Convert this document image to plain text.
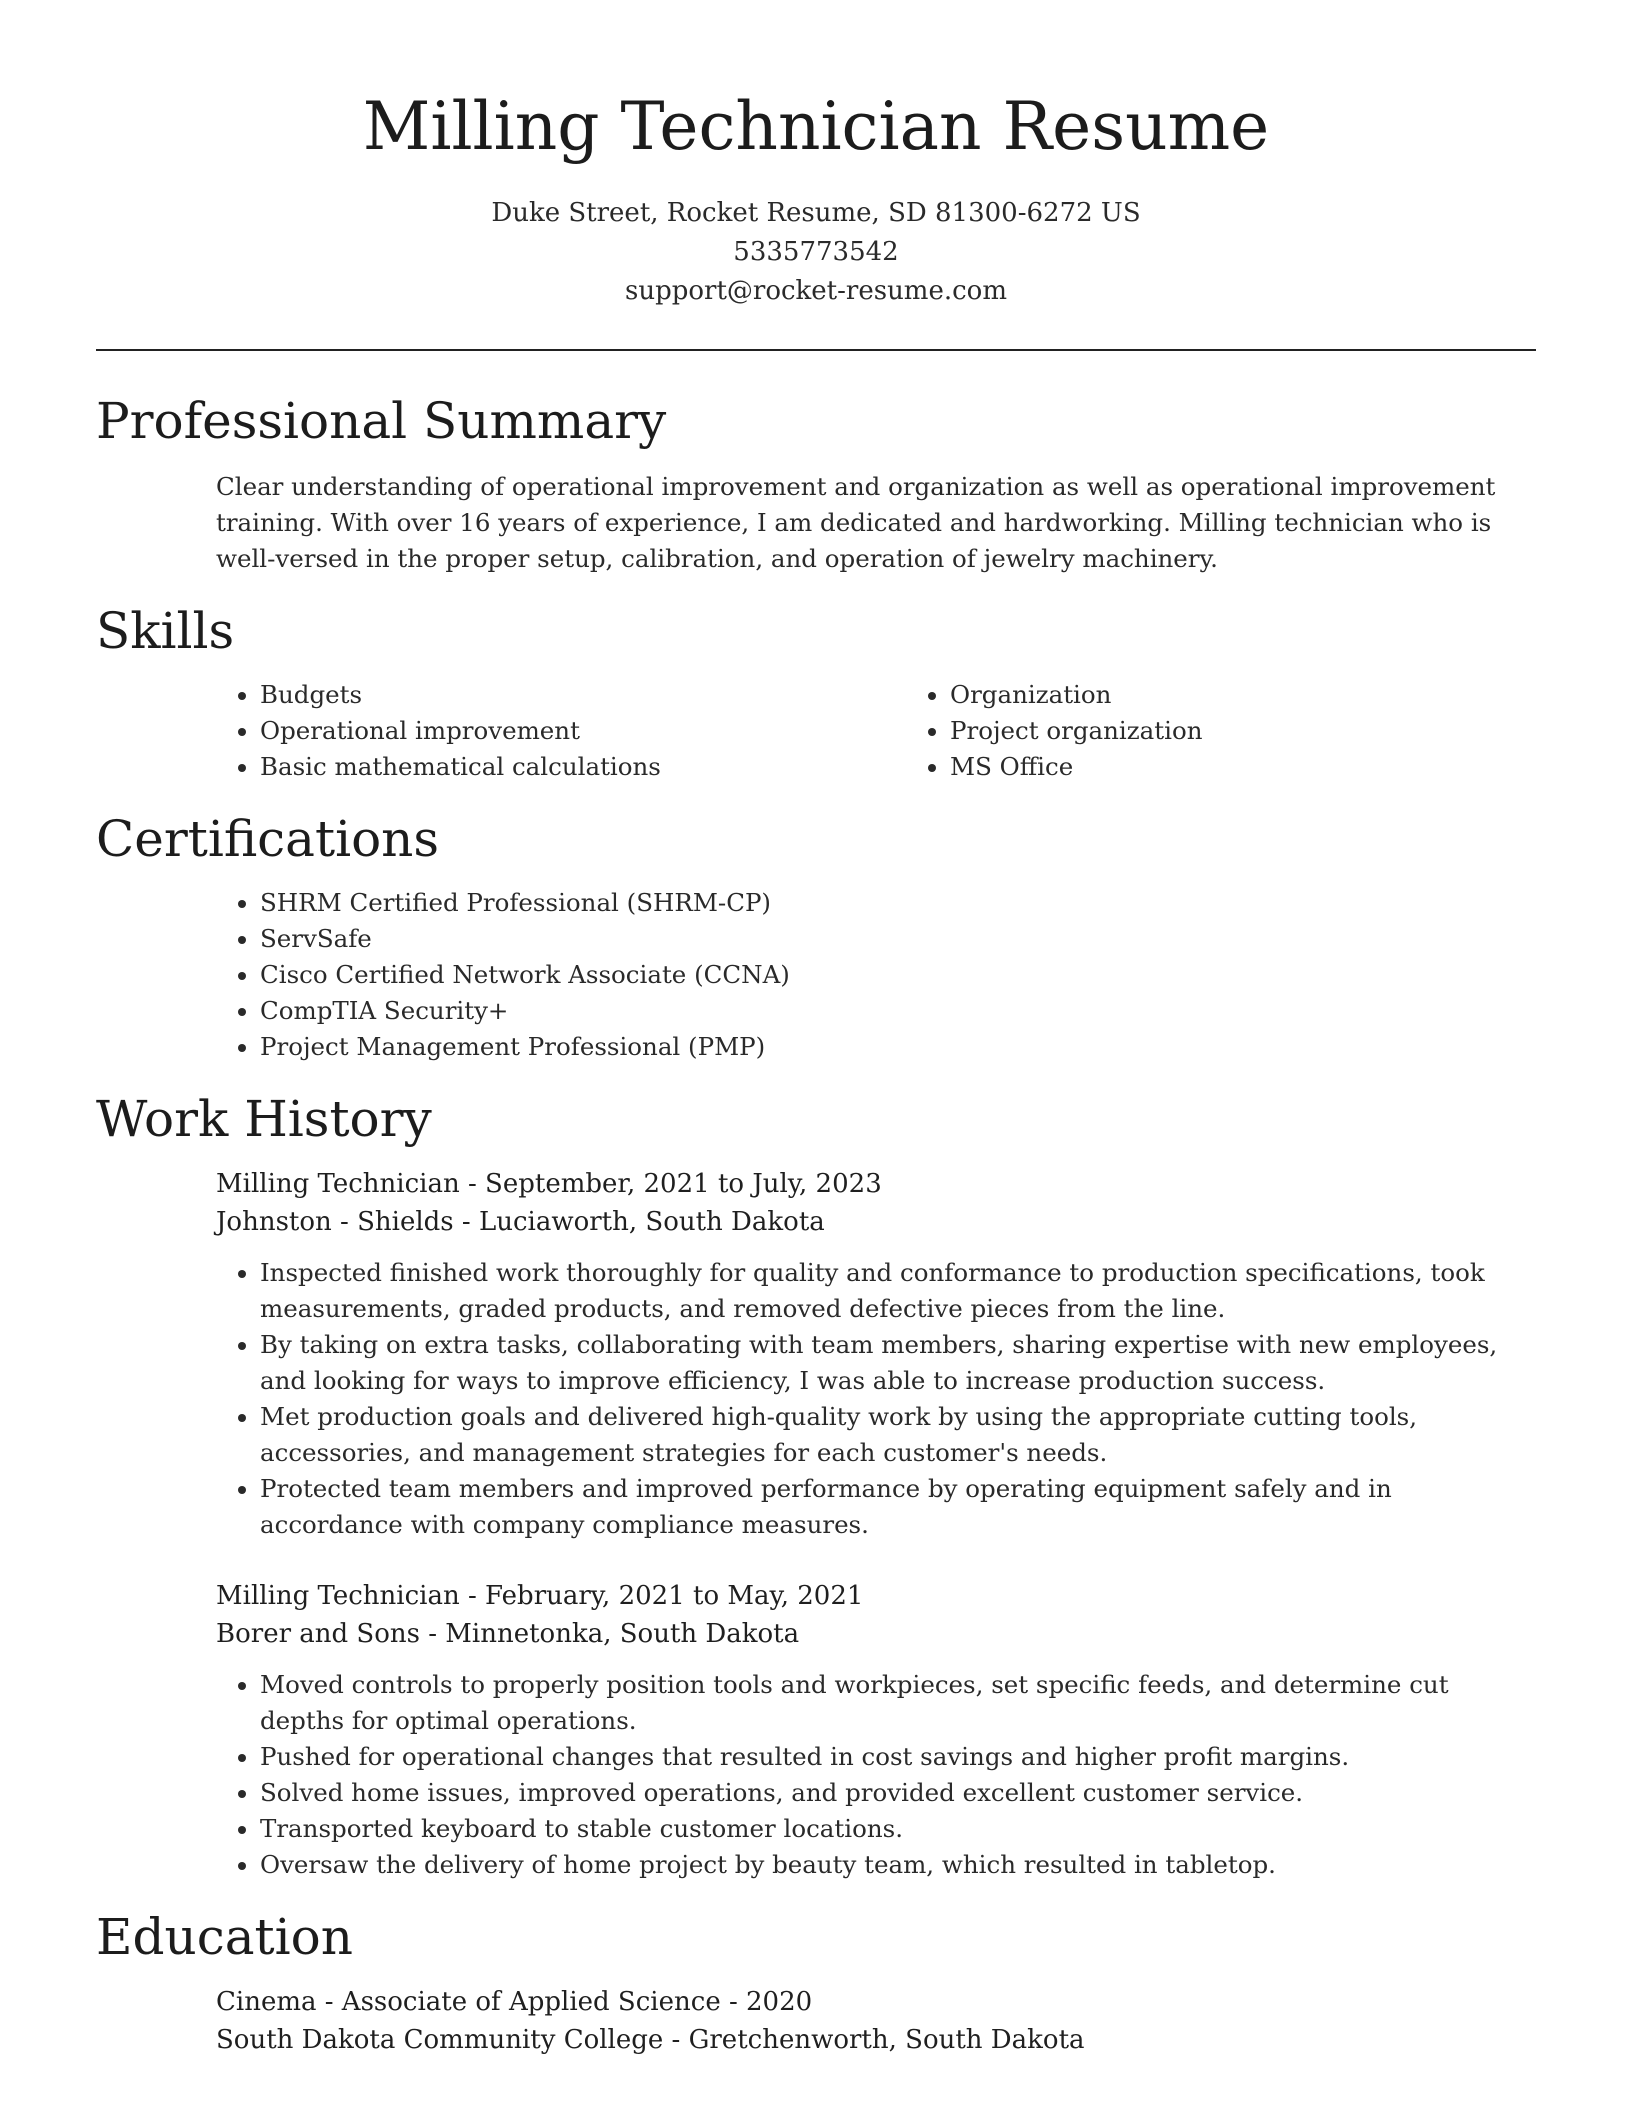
Milling Technician Resume
Duke Street, Rocket Resume, SD 81300-6272 US
5335773542
support@rocket-resume.com
Professional Summary

Clear understanding of operational improvement and organization as well as operational improvement training. With over 16 years of experience, I am dedicated and hardworking. Milling technician who is well-versed in the proper setup, calibration, and operation of jewelry machinery.

Skills
• Budgets
• Operational improvement
• Basic mathematical calculations
• Organization
• Project organization
• MS Office
Certifications
• SHRM Certified Professional (SHRM-CP)
• ServSafe
• Cisco Certified Network Associate (CCNA)
• CompTIA Security+
• Project Management Professional (PMP)
Work History
Milling Technician - September, 2021 to July, 2023
Johnston - Shields - Luciaworth, South Dakota
• Inspected finished work thoroughly for quality and conformance to production specifications, took measurements, graded products, and removed defective pieces from the line.
• By taking on extra tasks, collaborating with team members, sharing expertise with new employees, and looking for ways to improve efficiency, I was able to increase production success.
• Met production goals and delivered high-quality work by using the appropriate cutting tools, accessories, and management strategies for each customer's needs.
• Protected team members and improved performance by operating equipment safely and in accordance with company compliance measures.
Milling Technician - February, 2021 to May, 2021
Borer and Sons - Minnetonka, South Dakota
• Moved controls to properly position tools and workpieces, set specific feeds, and determine cut depths for optimal operations.
• Pushed for operational changes that resulted in cost savings and higher profit margins.
• Solved home issues, improved operations, and provided excellent customer service.
• Transported keyboard to stable customer locations.
• Oversaw the delivery of home project by beauty team, which resulted in tabletop.
Education
Cinema - Associate of Applied Science - 2020
South Dakota Community College - Gretchenworth, South Dakota
